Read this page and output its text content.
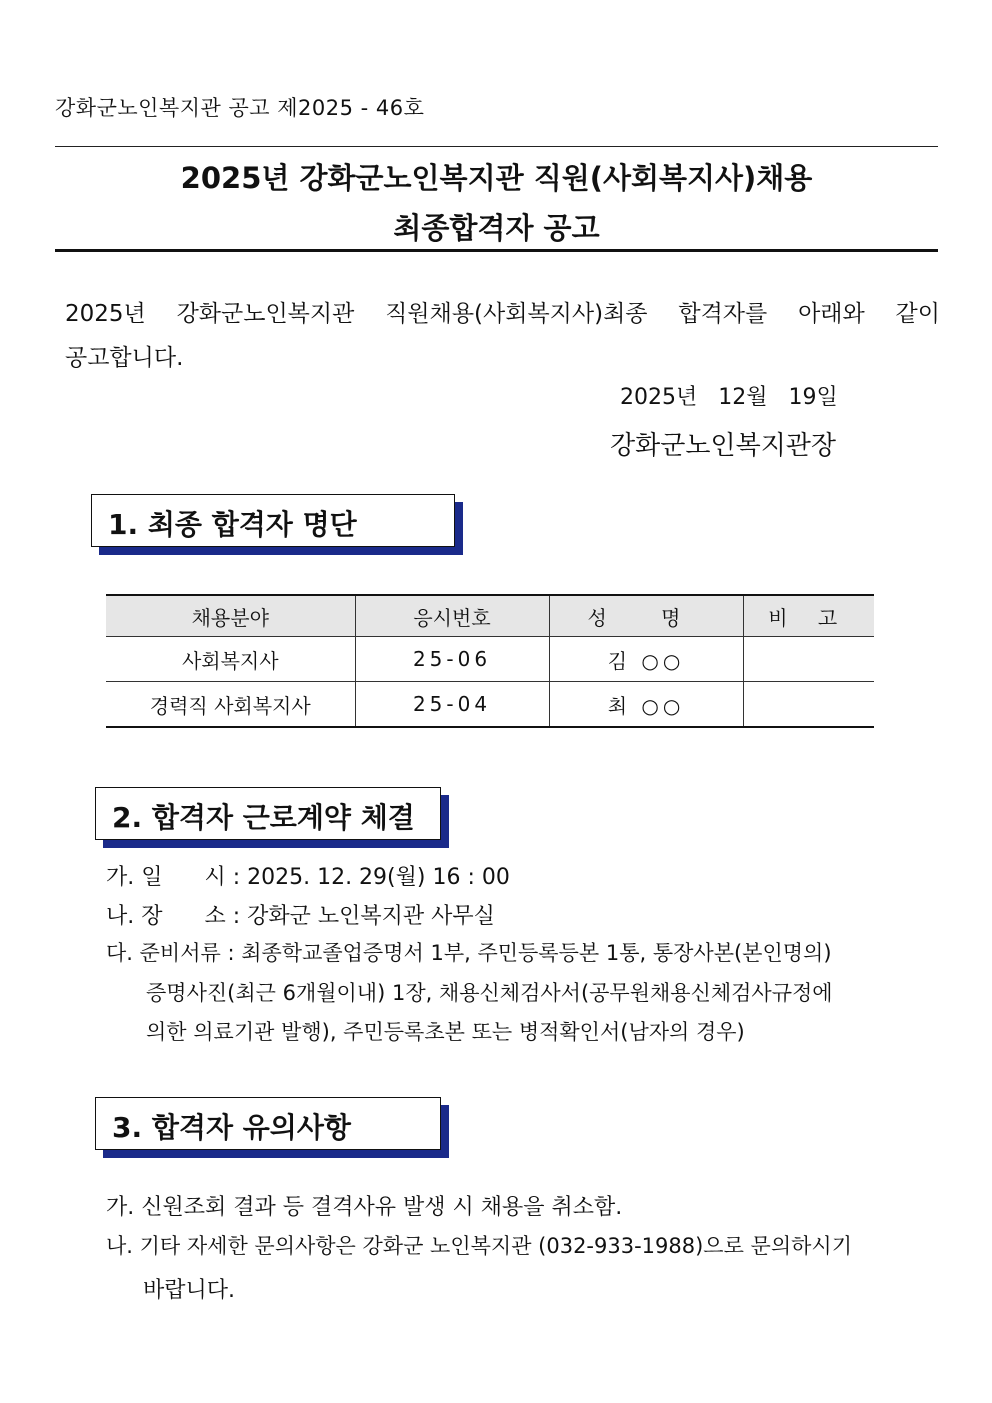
강화군노인복지관 공고 제2025 - 46호
2025년 강화군노인복지관 직원(사회복지사)채용
최종합격자 공고
2025년 강화군노인복지관 직원채용(사회복지사)최종 합격자를 아래와 같이
공고합니다.
2025년 12월 19일
강화군노인복지관장
1. 최종 합격자 명단
채용분야	응시번호	성 명	비 고
사회복지사	25-06	김 ○○	
경력직 사회복지사	25-04	최 ○○	
2. 합격자 근로계약 체결
가. 일      시 : 2025. 12. 29(월) 16 : 00
나. 장      소 : 강화군 노인복지관 사무실
다. 준비서류 : 최종학교졸업증명서 1부, 주민등록등본 1통, 통장사본(본인명의)
증명사진(최근 6개월이내) 1장, 채용신체검사서(공무원채용신체검사규정에
의한 의료기관 발행), 주민등록초본 또는 병적확인서(남자의 경우)
3. 합격자 유의사항
가. 신원조회 결과 등 결격사유 발생 시 채용을 취소함.
나. 기타 자세한 문의사항은 강화군 노인복지관 (032-933-1988)으로 문의하시기
바랍니다.
